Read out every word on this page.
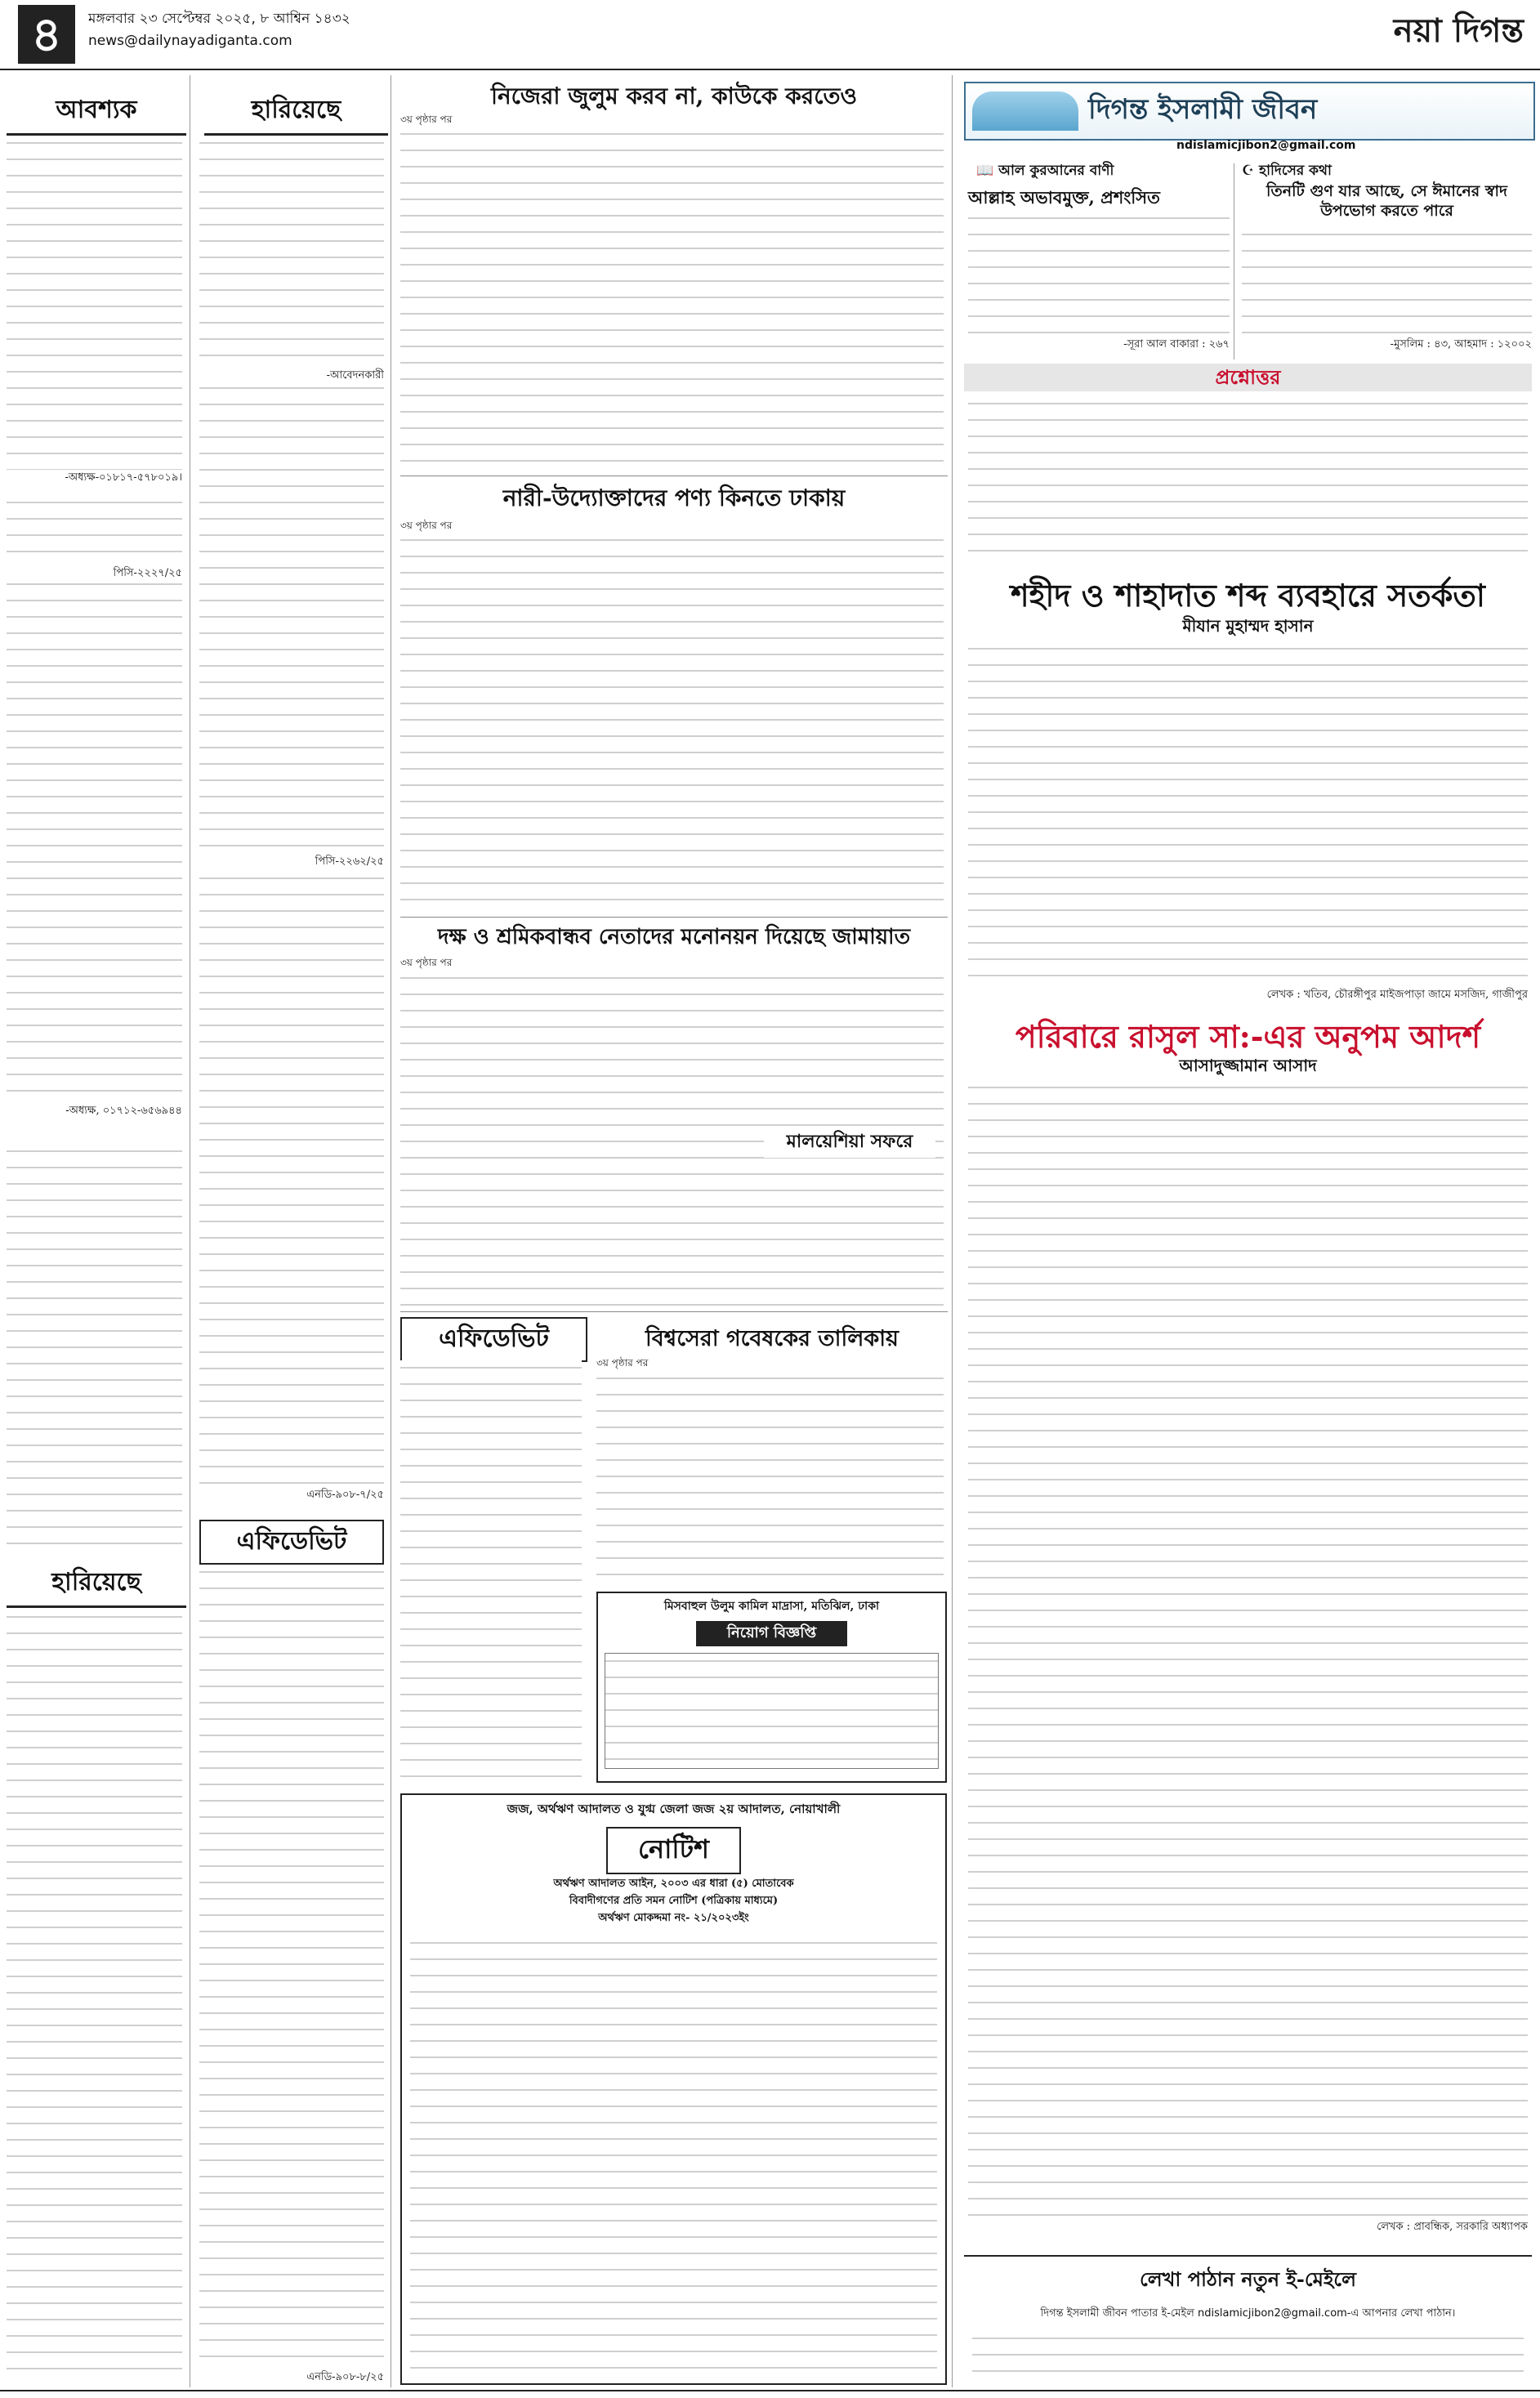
৪	মঙ্গলবার ২৩ সেপ্টেম্বর ২০২৫, ৮ আশ্বিন ১৪৩২
news@dailynayadiganta.com	নয়া দিগন্ত
আবশ্যক
-অধ্যক্ষ-০১৮১৭-৫৭৮০১৯।
পিসি-২২২৭/২৫
-অধ্যক্ষ, ০১৭১২-৬৫৬৯৪৪
হারিয়েছে
হারিয়েছে
-আবেদনকারী
পিসি-২২৬২/২৫
এনডি-৯০৮-৭/২৫
এফিডেভিট
এনডি-৯০৮-৮/২৫
নিজেরা জুলুম করব না, কাউকে করতেও
৩য় পৃষ্ঠার পর
নারী-উদ্যোক্তাদের পণ্য কিনতে ঢাকায়
৩য় পৃষ্ঠার পর
দক্ষ ও শ্রমিকবান্ধব নেতাদের মনোনয়ন দিয়েছে জামায়াত
৩য় পৃষ্ঠার পর
মালয়েশিয়া সফরে
এফিডেভিট	বিশ্বসেরা গবেষকের তালিকায়
৩য় পৃষ্ঠার পর
মিসবাহুল উলুম কামিল মাদ্রাসা, মতিঝিল, ঢাকা
নিয়োগ বিজ্ঞপ্তি
জজ, অর্থঋণ আদালত ও যুগ্ম জেলা জজ ২য় আদালত, নোয়াখালী
নোটিশ
অর্থঋণ আদালত আইন, ২০০৩ এর ধারা (৫) মোতাবেক
বিবাদীগণের প্রতি সমন নোটিশ (পত্রিকায় মাধ্যমে)
অর্থঋণ মোকদ্দমা নং- ২১/২০২৩ইং
দিগন্ত ইসলামী জীবন
ndislamicjibon2@gmail.com
📖 আল কুরআনের বাণী	☪ হাদিসের কথা
আল্লাহ অভাবমুক্ত, প্রশংসিত
-সূরা আল বাকারা : ২৬৭
তিনটি গুণ যার আছে, সে ঈমানের স্বাদ উপভোগ করতে পারে
-মুসলিম : ৪৩, আহমাদ : ১২০০২
প্রশ্নোত্তর
শহীদ ও শাহাদাত শব্দ ব্যবহারে সতর্কতা
মীযান মুহাম্মদ হাসান
লেখক : খতিব, চৌরঙ্গীপুর মাইজপাড়া জামে মসজিদ, গাজীপুর
পরিবারে রাসুল সা:-এর অনুপম আদর্শ
আসাদুজ্জামান আসাদ
লেখক : প্রাবন্ধিক, সরকারি অধ্যাপক
লেখা পাঠান নতুন ই-মেইলে
দিগন্ত ইসলামী জীবন পাতার ই-মেইল ndislamicjibon2@gmail.com-এ আপনার লেখা পাঠান।
